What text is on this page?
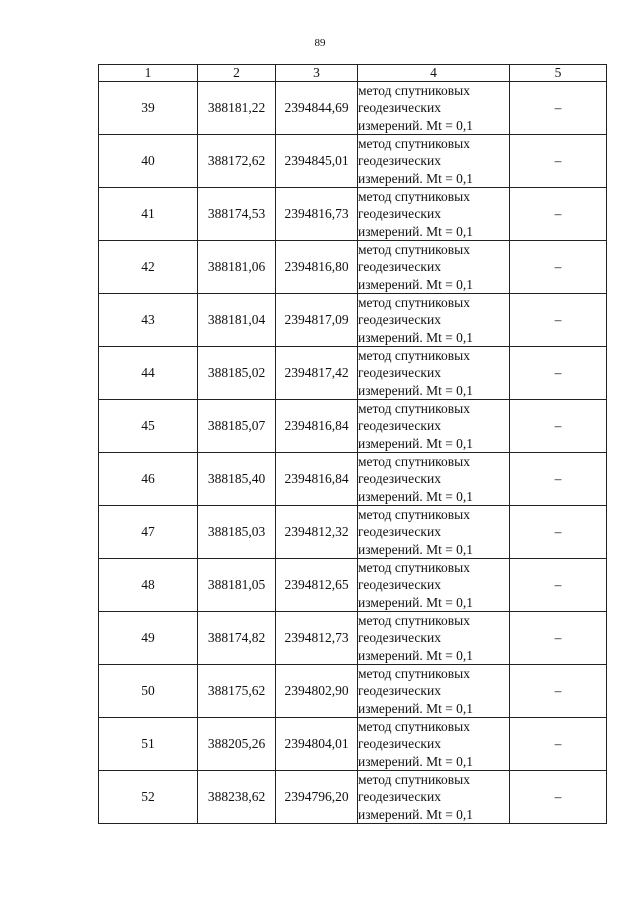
89
1	2	3	4	5
39	388181,22	2394844,69	метод спутниковых
геодезических
измерений. Mt = 0,1	–
40	388172,62	2394845,01	метод спутниковых
геодезических
измерений. Mt = 0,1	–
41	388174,53	2394816,73	метод спутниковых
геодезических
измерений. Mt = 0,1	–
42	388181,06	2394816,80	метод спутниковых
геодезических
измерений. Mt = 0,1	–
43	388181,04	2394817,09	метод спутниковых
геодезических
измерений. Mt = 0,1	–
44	388185,02	2394817,42	метод спутниковых
геодезических
измерений. Mt = 0,1	–
45	388185,07	2394816,84	метод спутниковых
геодезических
измерений. Mt = 0,1	–
46	388185,40	2394816,84	метод спутниковых
геодезических
измерений. Mt = 0,1	–
47	388185,03	2394812,32	метод спутниковых
геодезических
измерений. Mt = 0,1	–
48	388181,05	2394812,65	метод спутниковых
геодезических
измерений. Mt = 0,1	–
49	388174,82	2394812,73	метод спутниковых
геодезических
измерений. Mt = 0,1	–
50	388175,62	2394802,90	метод спутниковых
геодезических
измерений. Mt = 0,1	–
51	388205,26	2394804,01	метод спутниковых
геодезических
измерений. Mt = 0,1	–
52	388238,62	2394796,20	метод спутниковых
геодезических
измерений. Mt = 0,1	–
